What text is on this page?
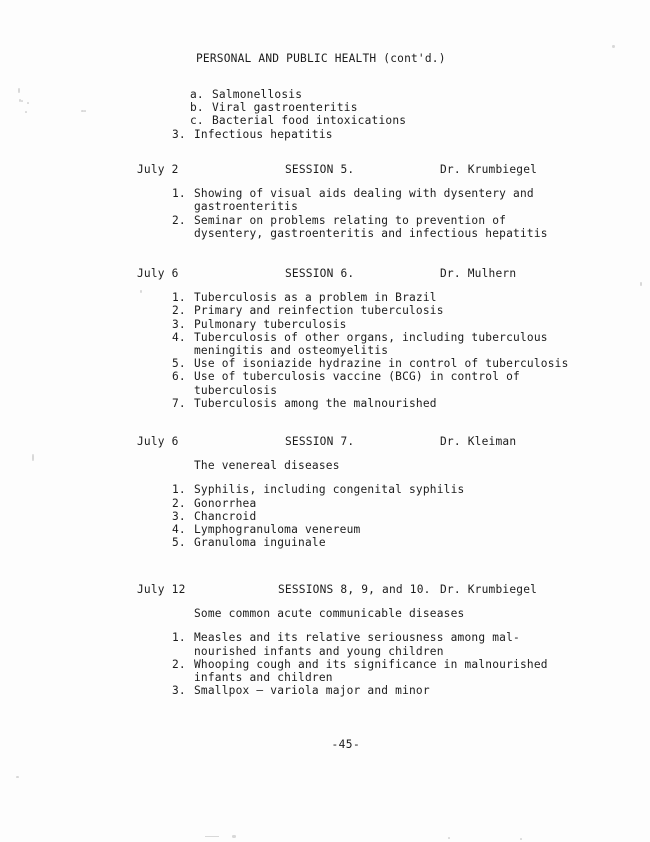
PERSONAL AND PUBLIC HEALTH (cont'd.)
a. Salmonellosis
b. Viral gastroenteritis
c. Bacterial food intoxications
3. Infectious hepatitis
July 2	SESSION 5.	Dr. Krumbiegel
1. Showing of visual aids dealing with dysentery and
gastroenteritis
2. Seminar on problems relating to prevention of
dysentery, gastroenteritis and infectious hepatitis
July 6	SESSION 6.	Dr. Mulhern
1. Tuberculosis as a problem in Brazil
2. Primary and reinfection tuberculosis
3. Pulmonary tuberculosis
4. Tuberculosis of other organs, including tuberculous
meningitis and osteomyelitis
5. Use of isoniazide hydrazine in control of tuberculosis
6. Use of tuberculosis vaccine (BCG) in control of
tuberculosis
7. Tuberculosis among the malnourished
July 6	SESSION 7.	Dr. Kleiman
The venereal diseases
1. Syphilis, including congenital syphilis
2. Gonorrhea
3. Chancroid
4. Lymphogranuloma venereum
5. Granuloma inguinale
July 12	SESSIONS 8, 9, and 10. Dr. Krumbiegel
Some common acute communicable diseases
1. Measles and its relative seriousness among mal-
nourished infants and young children
2. Whooping cough and its significance in malnourished
infants and children
3. Smallpox — variola major and minor

-45-
